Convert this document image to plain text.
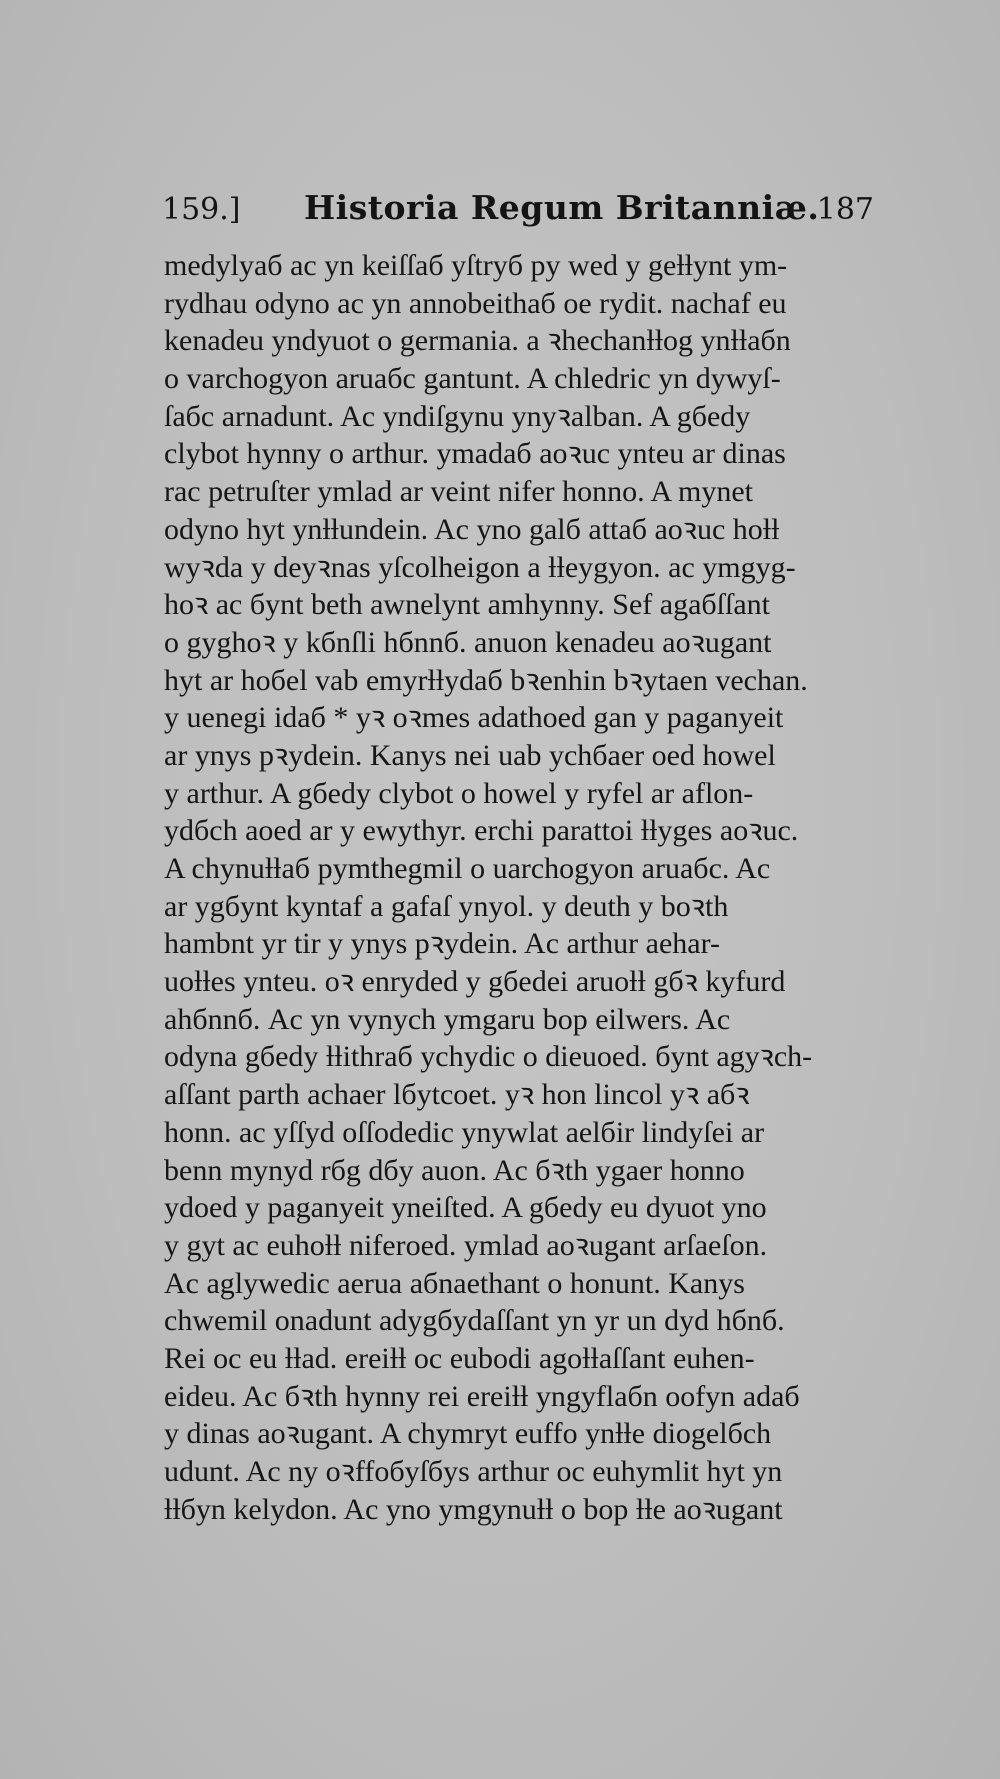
159.] Historia Regum Britanniæ.
187
medylyaб ac yn keiſſaб yſtryб py wed y geƚƚynt ym-
rydhau odyno ac yn annobeithaб oe rydit. nachaf eu
kenadeu yndyuot o germania. a ꝛhechanƚƚog ynƚƚaбn
o varchogyon aruaбc gantunt. A chledric yn dywyſ-
ſaбc arnadunt. Ac yndiſgynu ynyꝛalban. A gбedy
clybot hynny o arthur. ymadaб aoꝛuc ynteu ar dinas
rac petruſter ymlad ar veint nifer honno. A mynet
odyno hyt ynƚƚundein. Ac yno galб attaб aoꝛuc hoƚƚ
wyꝛda y deyꝛnas yſcolheigon a ƚƚeygyon. ac ymgyg-
hoꝛ ac бynt beth awnelynt amhynny. Sef agaбſſant
o gyghoꝛ y kбnſli hбnnб. anuon kenadeu aoꝛugant
hyt ar hoбel vab emyrƚƚydaб bꝛenhin bꝛytaen vechan.
y uenegi idaб * yꝛ oꝛmes adathoed gan y paganyeit
ar ynys pꝛydein. Kanys nei uab ychбaer oed howel
y arthur. A gбedy clybot o howel y ryfel ar aflon-
ydбch aoed ar y ewythyr. erchi parattoi ƚƚyges aoꝛuc.
A chynuƚƚaб pymthegmil o uarchogyon aruaбc. Ac
ar ygбynt kyntaf a gafaſ ynyol. y deuth y boꝛth
hambnt yr tir y ynys pꝛydein. Ac arthur aehar-
uoƚƚes ynteu. oꝛ enryded y gбedei aruoƚƚ gбꝛ kyfurd
ahбnnб. Ac yn vynych ymgaru bop eilwers. Ac
odyna gбedy ƚƚithraб ychydic o dieuoed. бynt agyꝛch-
aſſant parth achaer lбytcoet. yꝛ hon lincol yꝛ aбꝛ
honn. ac yſſyd oſſodedic ynywlat aelбir lindyſei ar
benn mynyd rбg dбy auon. Ac бꝛth ygaer honno
ydoed y paganyeit yneiſted. A gбedy eu dyuot yno
y gyt ac euhoƚƚ niferoed. ymlad aoꝛugant arſaeſon.
Ac aglywedic aerua aбnaethant o honunt. Kanys
chwemil onadunt adygбydaſſant yn yr un dyd hбnб.
Rei oc eu ƚƚad. ereiƚƚ oc eubodi agoƚƚaſſant euhen-
eideu. Ac бꝛth hynny rei ereiƚƚ yngyflaбn oofyn adaб
y dinas aoꝛugant. A chymryt euffo ynƚƚe diogelбch
udunt. Ac ny oꝛffoбyſбys arthur oc euhymlit hyt yn
ƚƚбyn kelydon. Ac yno ymgynuƚƚ o bop ƚƚe aoꝛugant
